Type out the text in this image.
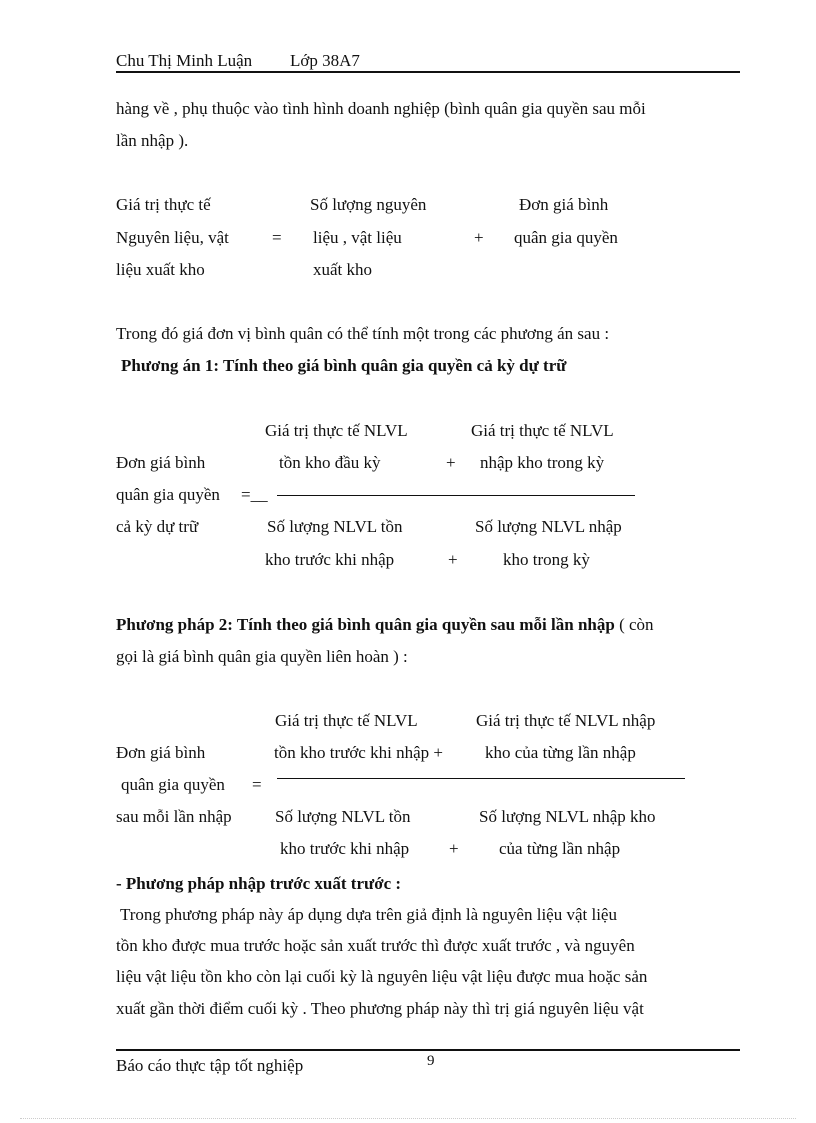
Chu Thị Minh Luận Lớp 38A7
hàng về , phụ thuộc vào tình hình doanh nghiệp (bình quân gia quyền sau mỗi
lần nhập ).
Giá trị thực tế
Nguyên liệu, vật
liệu xuất kho
=
Số lượng nguyên
liệu , vật liệu
xuất kho
+
Đơn giá bình
quân gia quyền
Trong đó giá đơn vị bình quân có thể tính một trong các phương án sau :
Phương án 1: Tính theo giá bình quân gia quyền cả kỳ dự trữ
Giá trị thực tế NLVL	Giá trị thực tế NLVL
Đơn giá bình	tồn kho đầu kỳ	+ nhập kho trong kỳ
quân gia quyền =__
cả kỳ dự trữ	Số lượng NLVL tồn	Số lượng NLVL nhập
kho trước khi nhập	+	kho trong kỳ
Phương pháp 2: Tính theo giá bình quân gia quyền sau mỗi lần nhập ( còn
gọi là giá bình quân gia quyền liên hoàn ) :
Giá trị thực tế NLVL	Giá trị thực tế NLVL nhập
Đơn giá bình	tồn kho trước khi nhập + kho của từng lần nhập
quân gia quyền =
sau mỗi lần nhập	Số lượng NLVL tồn	Số lượng NLVL nhập kho
kho trước khi nhập + của từng lần nhập
- Phương pháp nhập trước xuất trước :
Trong phương pháp này áp dụng dựa trên giả định là nguyên liệu vật liệu
tồn kho được mua trước hoặc sản xuất trước thì được xuất trước , và nguyên
liệu vật liệu tồn kho còn lại cuối kỳ là nguyên liệu vật liệu được mua hoặc sản
xuất gần thời điểm cuối kỳ . Theo phương pháp này thì trị giá nguyên liệu vật
9
Báo cáo thực tập tốt nghiệp
